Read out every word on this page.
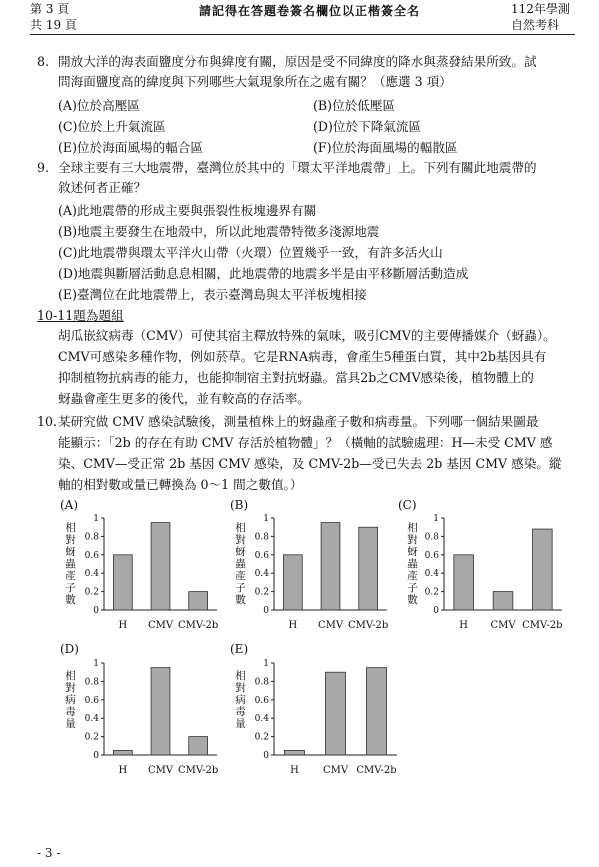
第 3 頁
共 19 頁
請記得在答題卷簽名欄位以正楷簽全名	112年學測
自然考科
8. 開放大洋的海表面鹽度分布與緯度有關，原因是受不同緯度的降水與蒸發結果所致。試
問海面鹽度高的緯度與下列哪些大氣現象所在之處有關？（應選 3 項）
(A)位於高壓區	(B)位於低壓區
(C)位於上升氣流區	(D)位於下降氣流區
(E)位於海面風場的輻合區	(F)位於海面風場的輻散區
9. 全球主要有三大地震帶，臺灣位於其中的「環太平洋地震帶」上。下列有關此地震帶的
敘述何者正確？
(A)此地震帶的形成主要與張裂性板塊邊界有關
(B)地震主要發生在地殼中，所以此地震帶特徵多淺源地震
(C)此地震帶與環太平洋火山帶（火環）位置幾乎一致，有許多活火山
(D)地震與斷層活動息息相關，此地震帶的地震多半是由平移斷層活動造成
(E)臺灣位在此地震帶上，表示臺灣島與太平洋板塊相接
10-11題為題組
胡瓜嵌紋病毒（CMV）可使其宿主釋放特殊的氣味，吸引CMV的主要傳播媒介（蚜蟲）。
CMV可感染多種作物，例如菸草。它是RNA病毒，會產生5種蛋白質，其中2b基因具有
抑制植物抗病毒的能力，也能抑制宿主對抗蚜蟲。當具2b之CMV感染後，植物體上的
蚜蟲會產生更多的後代，並有較高的存活率。
10. 某研究做 CMV 感染試驗後，測量植株上的蚜蟲產子數和病毒量。下列哪一個結果圖最
能顯示：「2b 的存在有助 CMV 存活於植物體」？（橫軸的試驗處理：H—未受 CMV 感
染、CMV—受正常 2b 基因 CMV 感染，及 CMV-2b—受已失去 2b 基因 CMV 感染。縱
軸的相對數或量已轉換為 0～1 間之數值。）
(A)
相對蚜蟲產子數
0
0.2
0.4
0.6
0.8
1
H CMV CMV-2b
(B)
相對蚜蟲產子數
0
0.2
0.4
0.6
0.8
1
H CMV CMV-2b
(C)
相對蚜蟲產子數
0
0.2
0.4
0.6
0.8
1
H CMV CMV-2b
(D)
相對病毒量
0
0.2
0.4
0.6
0.8
1
H CMV CMV-2b
(E)
相對病毒量
0
0.2
0.4
0.6
0.8
1
H CMV CMV-2b
- 3 -
